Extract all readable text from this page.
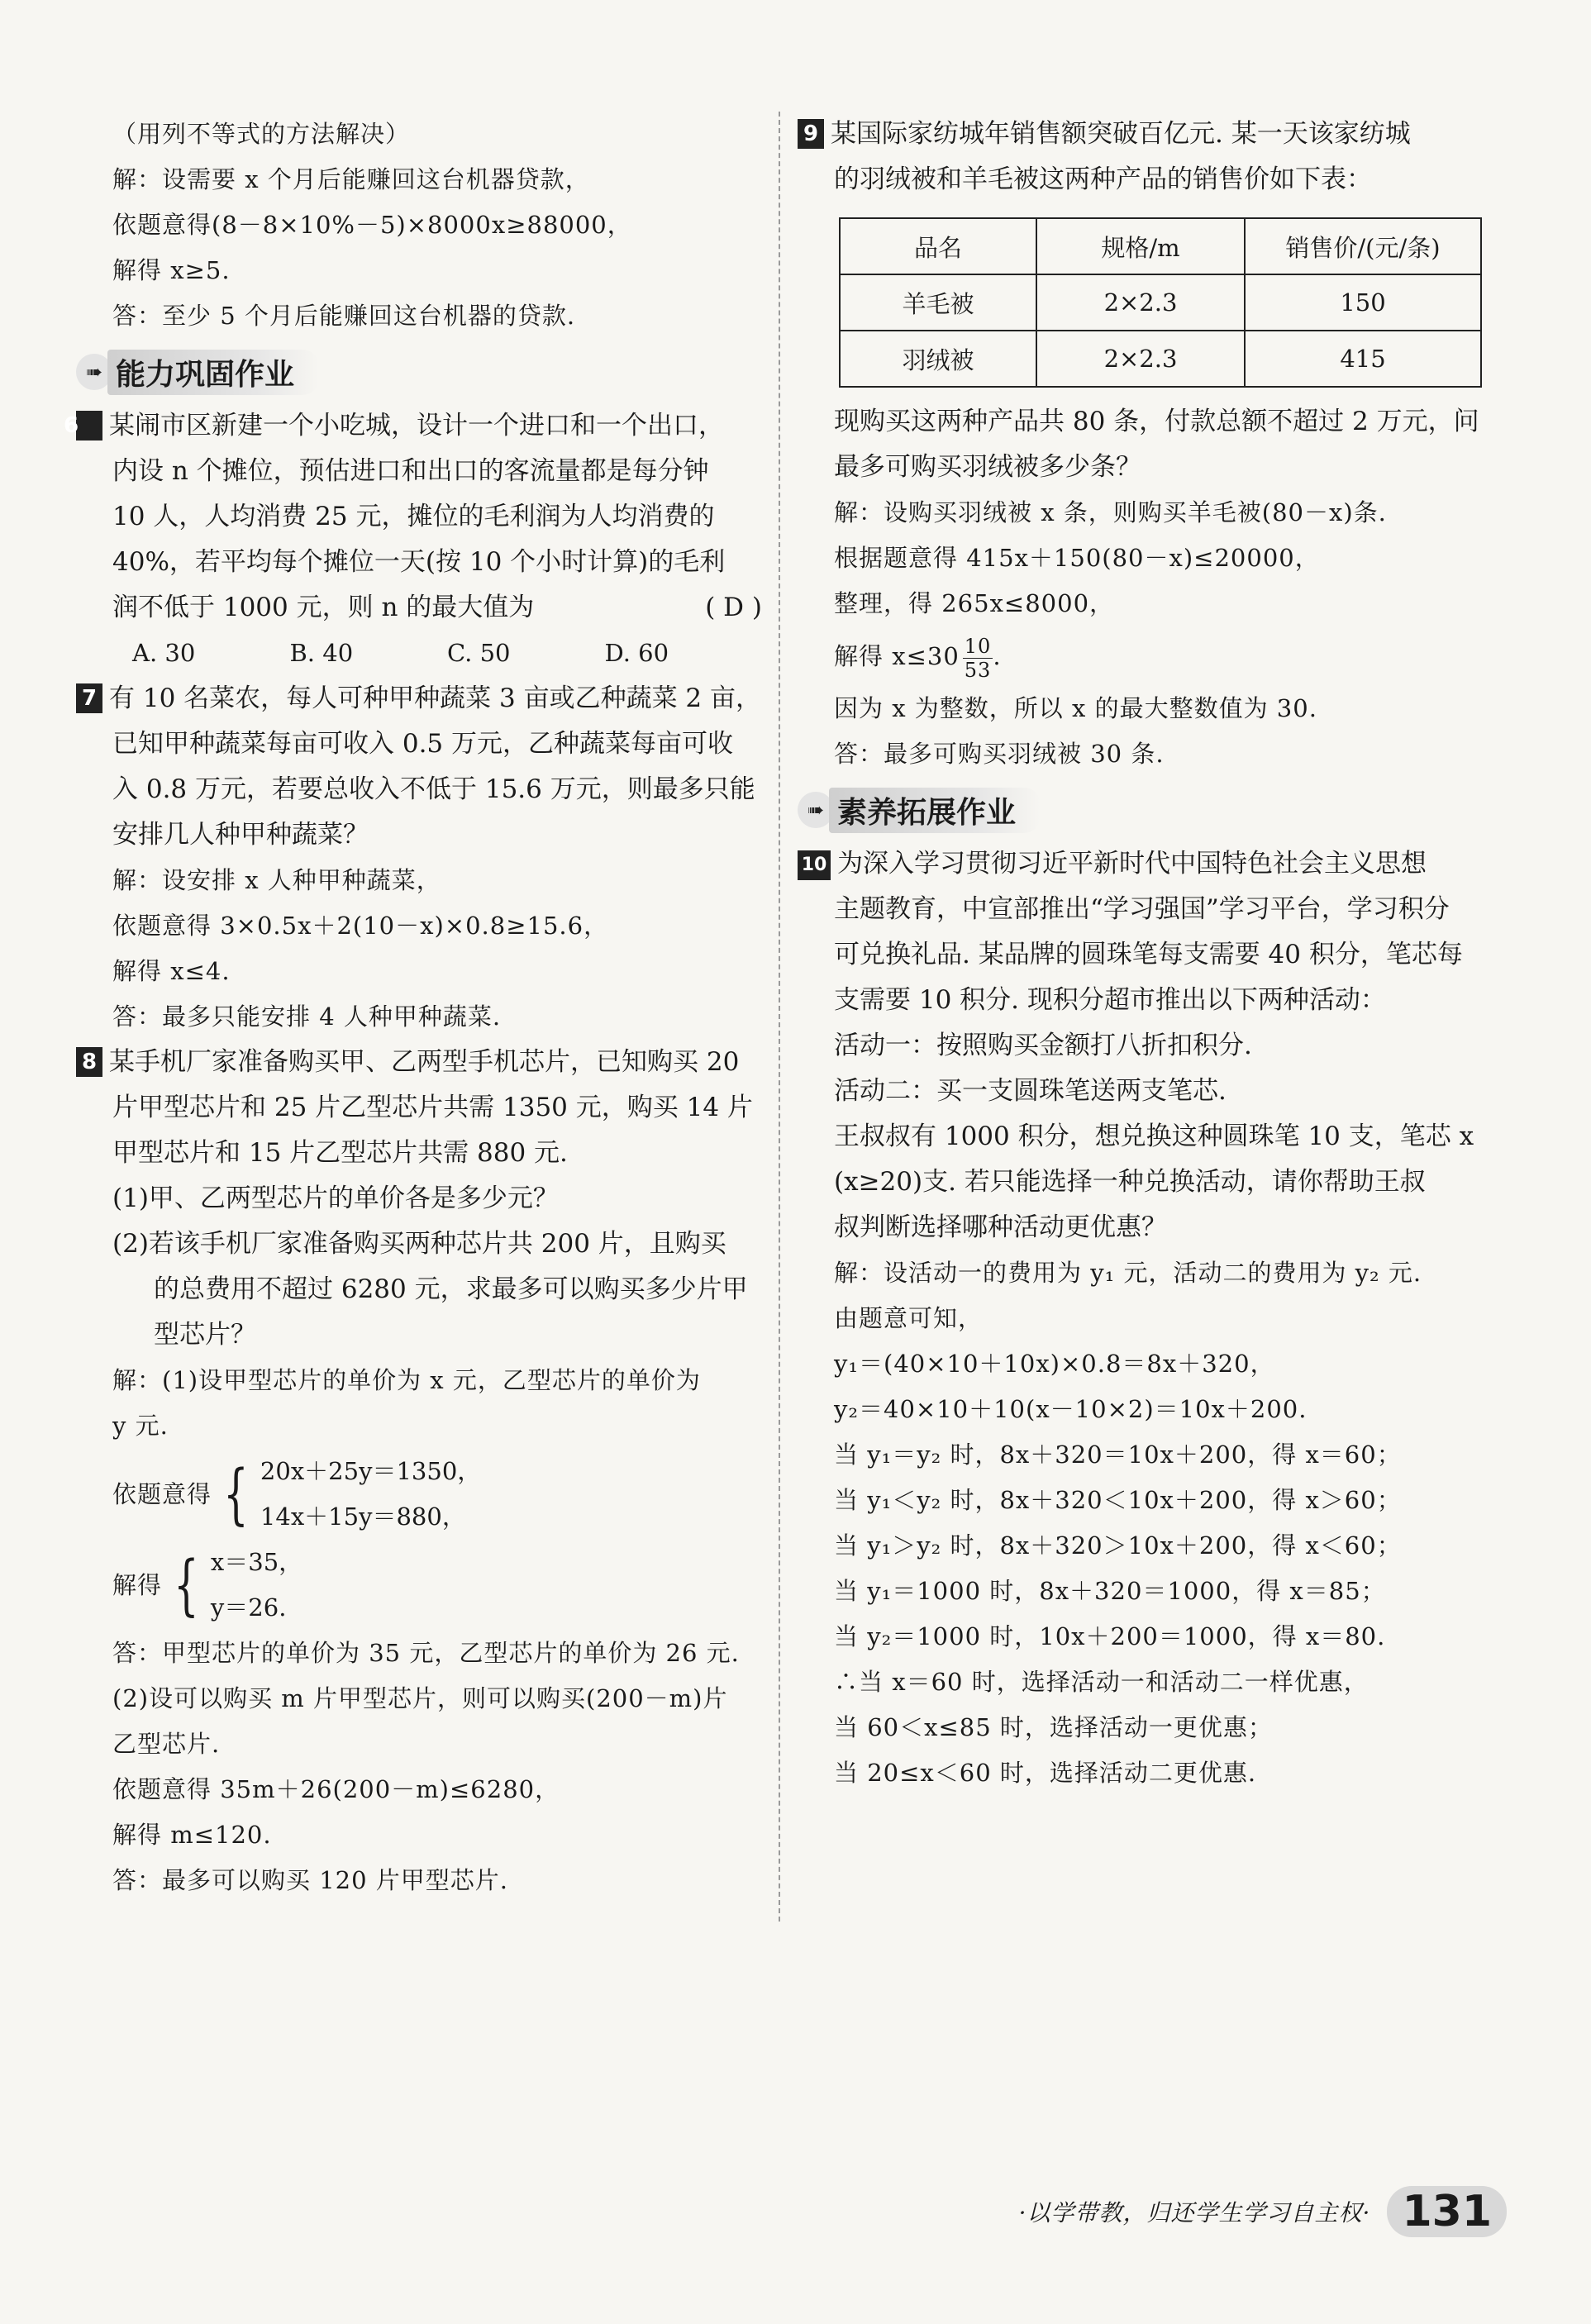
（用列不等式的方法解决）
解：设需要 x 个月后能赚回这台机器贷款，
依题意得(8－8×10%－5)×8000x≥88000，
解得 x≥5.
答：至少 5 个月后能赚回这台机器的贷款.
➠ 能力巩固作业
6 某闹市区新建一个小吃城，设计一个进口和一个出口，
内设 n 个摊位，预估进口和出口的客流量都是每分钟
10 人，人均消费 25 元，摊位的毛利润为人均消费的
40%，若平均每个摊位一天(按 10 个小时计算)的毛利
润不低于 1000 元，则 n 的最大值为	( D )
A. 30	B. 40	C. 50	D. 60
7 有 10 名菜农，每人可种甲种蔬菜 3 亩或乙种蔬菜 2 亩，
已知甲种蔬菜每亩可收入 0.5 万元，乙种蔬菜每亩可收
入 0.8 万元，若要总收入不低于 15.6 万元，则最多只能
安排几人种甲种蔬菜？
解：设安排 x 人种甲种蔬菜，
依题意得 3×0.5x＋2(10－x)×0.8≥15.6，
解得 x≤4.
答：最多只能安排 4 人种甲种蔬菜.
8 某手机厂家准备购买甲、乙两型手机芯片，已知购买 20
片甲型芯片和 25 片乙型芯片共需 1350 元，购买 14 片
甲型芯片和 15 片乙型芯片共需 880 元.
(1)甲、乙两型芯片的单价各是多少元？
(2)若该手机厂家准备购买两种芯片共 200 片，且购买
的总费用不超过 6280 元，求最多可以购买多少片甲
型芯片？
解：(1)设甲型芯片的单价为 x 元，乙型芯片的单价为
y 元.
依题意得 { 20x＋25y＝1350，
14x＋15y＝880，
解得 { x＝35，
y＝26.
答：甲型芯片的单价为 35 元，乙型芯片的单价为 26 元.
(2)设可以购买 m 片甲型芯片，则可以购买(200－m)片
乙型芯片.
依题意得 35m＋26(200－m)≤6280，
解得 m≤120.
答：最多可以购买 120 片甲型芯片.
9 某国际家纺城年销售额突破百亿元. 某一天该家纺城
的羽绒被和羊毛被这两种产品的销售价如下表：
品名	规格/m	销售价/(元/条)
羊毛被	2×2.3	150
羽绒被	2×2.3	415
现购买这两种产品共 80 条，付款总额不超过 2 万元，问
最多可购买羽绒被多少条？
解：设购买羽绒被 x 条，则购买羊毛被(80－x)条.
根据题意得 415x＋150(80－x)≤20000，
整理，得 265x≤8000，
解得 $x\le 30 \frac{10}{53}$ .
因为 x 为整数，所以 x 的最大整数值为 30.
答：最多可购买羽绒被 30 条.
➠ 素养拓展作业
10 为深入学习贯彻习近平新时代中国特色社会主义思想
主题教育，中宣部推出“学习强国”学习平台，学习积分
可兑换礼品. 某品牌的圆珠笔每支需要 40 积分，笔芯每
支需要 10 积分. 现积分超市推出以下两种活动：
活动一：按照购买金额打八折扣积分.
活动二：买一支圆珠笔送两支笔芯.
王叔叔有 1000 积分，想兑换这种圆珠笔 10 支，笔芯 x
(x≥20)支. 若只能选择一种兑换活动，请你帮助王叔
叔判断选择哪种活动更优惠？
解：设活动一的费用为 y₁ 元，活动二的费用为 y₂ 元.
由题意可知，
y₁＝(40×10＋10x)×0.8＝8x＋320，
y₂＝40×10＋10(x－10×2)＝10x＋200.
当 y₁＝y₂ 时，8x＋320＝10x＋200，得 x＝60；
当 y₁＜y₂ 时，8x＋320＜10x＋200，得 x＞60；
当 y₁＞y₂ 时，8x＋320＞10x＋200，得 x＜60；
当 y₁＝1000 时，8x＋320＝1000，得 x＝85；
当 y₂＝1000 时，10x＋200＝1000，得 x＝80.
∴当 x＝60 时，选择活动一和活动二一样优惠，
当 60＜x≤85 时，选择活动一更优惠；
当 20≤x＜60 时，选择活动二更优惠.
·以学带教，归还学生学习自主权· 131
